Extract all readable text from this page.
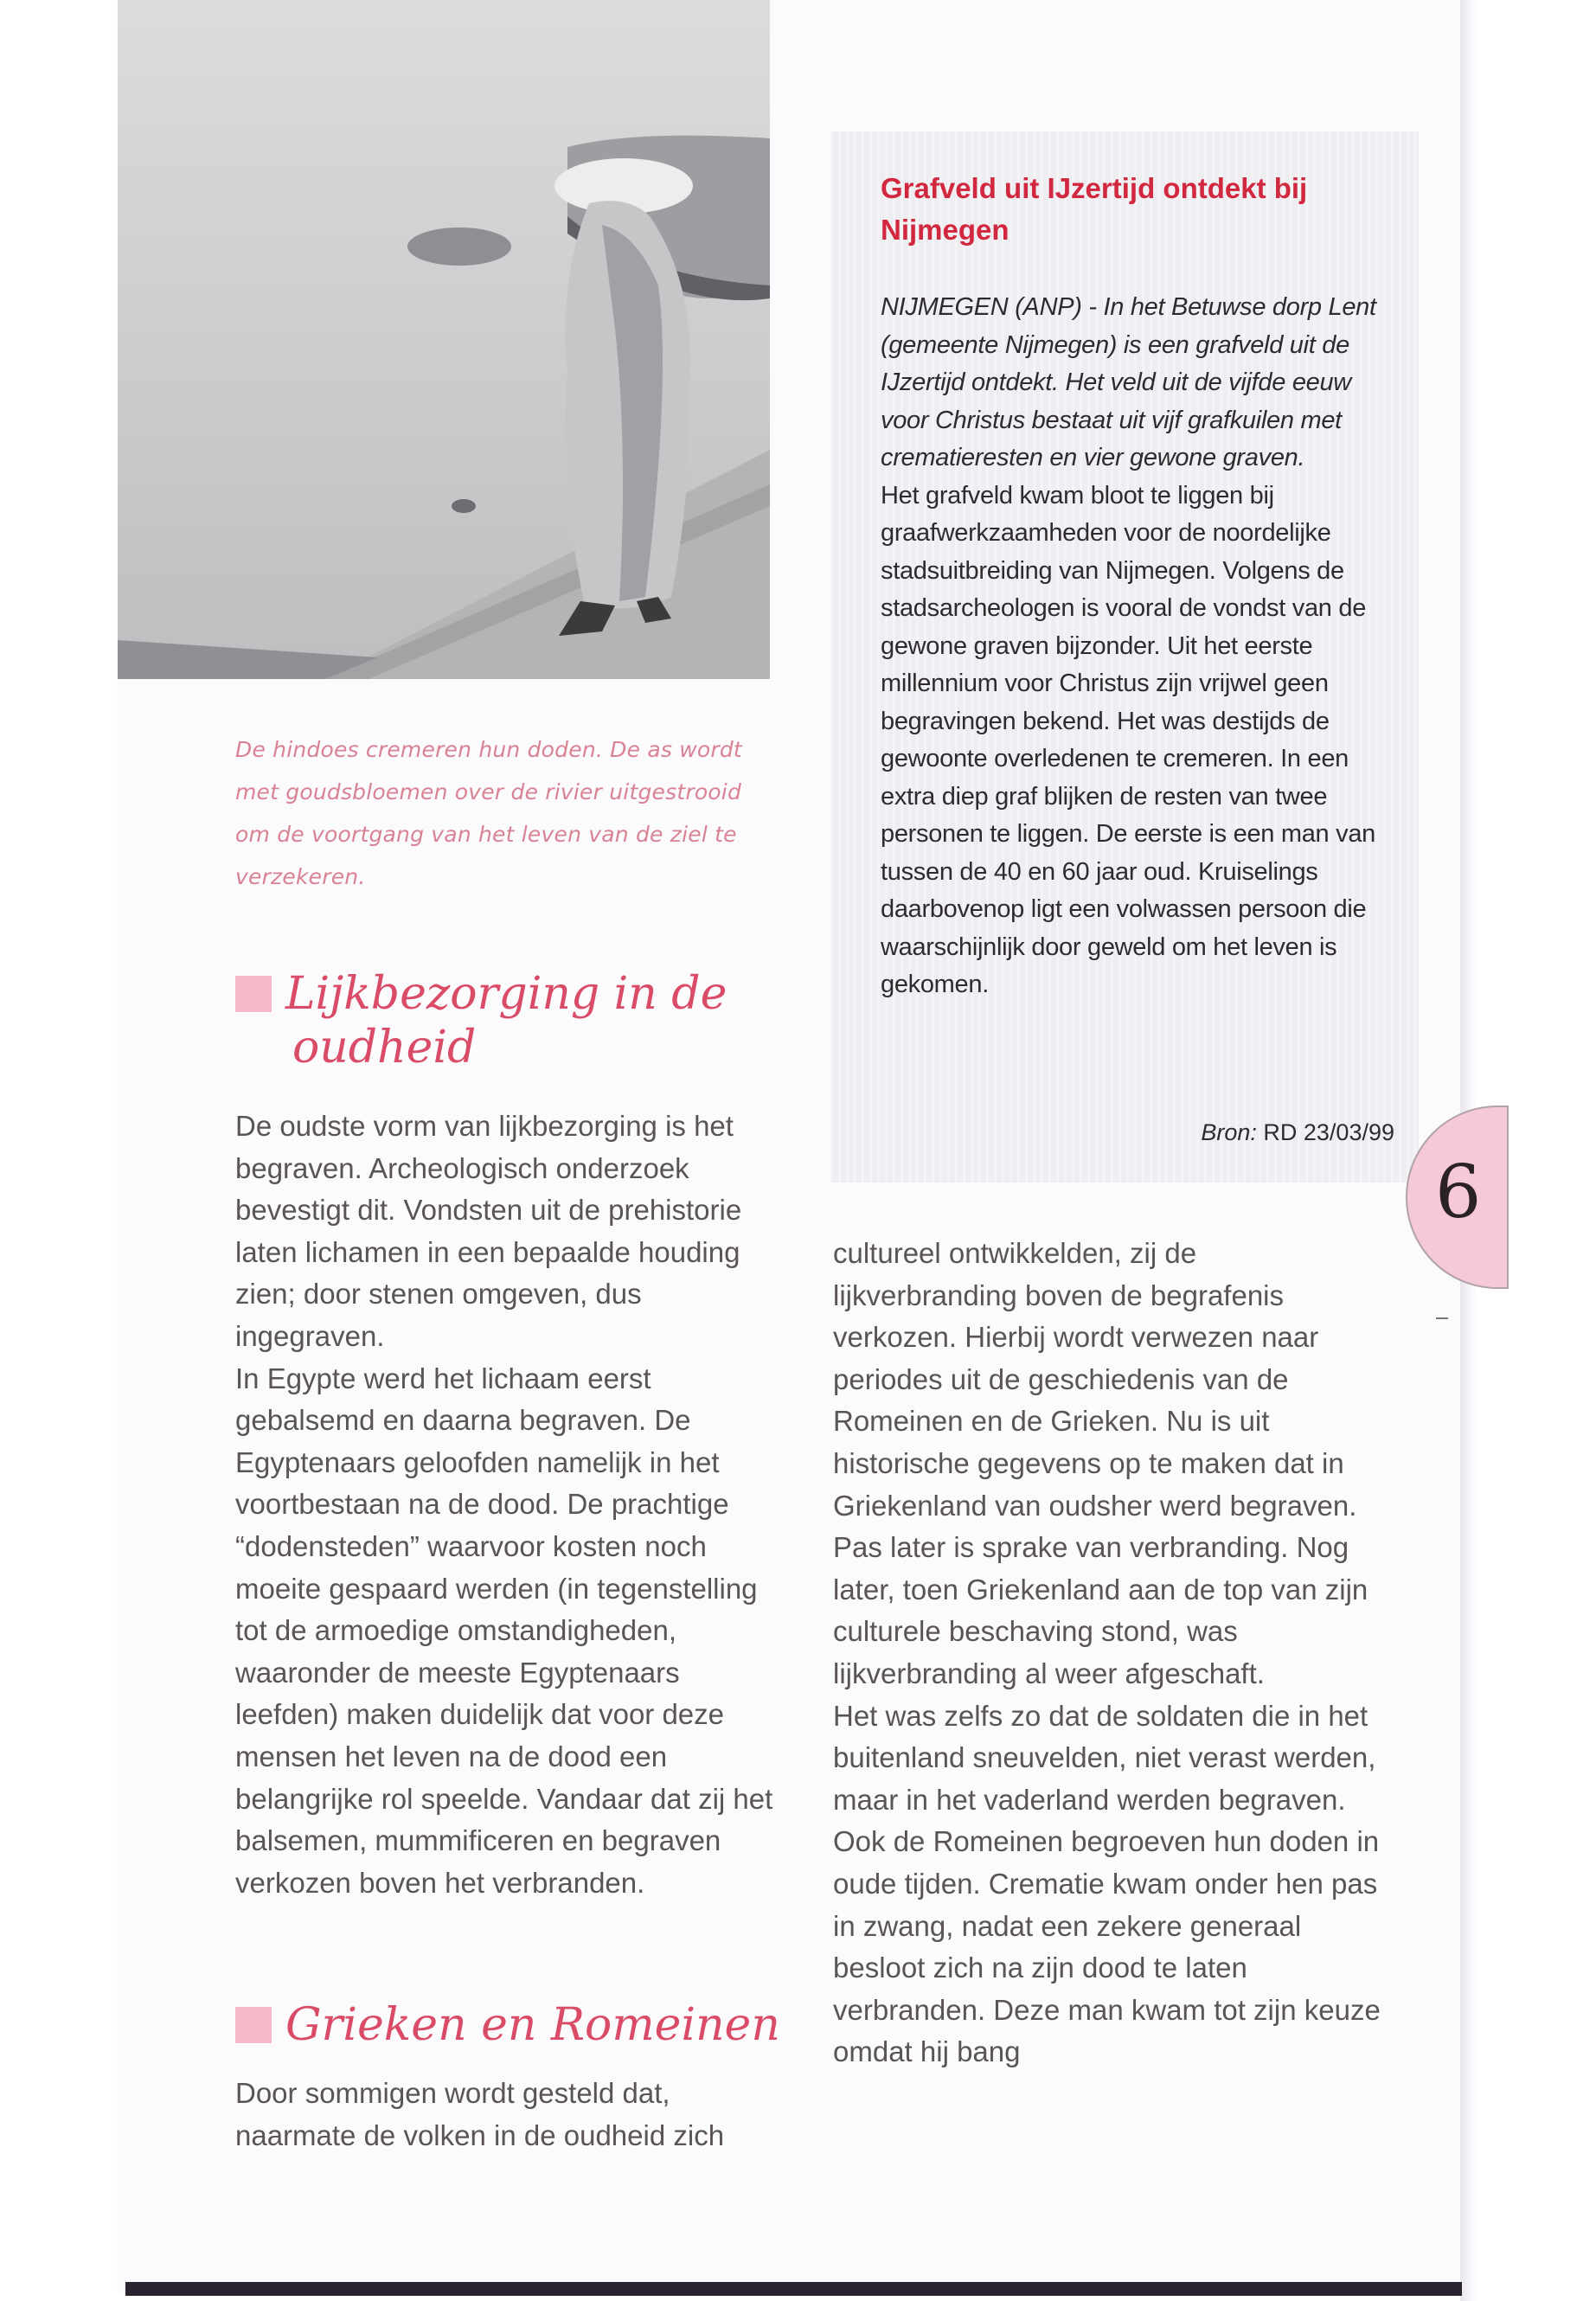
De hindoes cremeren hun doden. De as wordt met goudsbloemen over de rivier uitgestrooid om de voortgang van het leven van de ziel te verzekeren.
Lijkbezorging in de
oudheid

De oudste vorm van lijkbezorging is het begraven. Archeologisch onderzoek bevestigt dit. Vondsten uit de prehistorie laten lichamen in een bepaalde houding zien; door stenen omgeven, dus ingegraven.

In Egypte werd het lichaam eerst gebalsemd en daarna begraven. De Egyptenaars geloofden namelijk in het voortbestaan na de dood. De prachtige “dodensteden” waarvoor kosten noch moeite gespaard werden (in tegenstelling tot de armoedige omstandigheden, waaronder de meeste Egyptenaars leefden) maken duidelijk dat voor deze mensen het leven na de dood een belangrijke rol speelde. Vandaar dat zij het balsemen, mummificeren en begraven verkozen boven het verbranden.

Grieken en Romeinen

Door sommigen wordt gesteld dat, naarmate de volken in de oudheid zich

Grafveld uit IJzertijd ontdekt bij Nijmegen
NIJMEGEN (ANP) - In het Betuwse dorp Lent (gemeente Nijmegen) is een grafveld uit de IJzertijd ontdekt. Het veld uit de vijfde eeuw voor Christus bestaat uit vijf grafkuilen met crematieresten en vier gewone graven.
Het grafveld kwam bloot te liggen bij graafwerkzaamheden voor de noordelijke stadsuitbreiding van Nijmegen. Volgens de stadsarcheologen is vooral de vondst van de gewone graven bijzonder. Uit het eerste millennium voor Christus zijn vrijwel geen begravingen bekend. Het was destijds de gewoonte overledenen te cremeren. In een extra diep graf blijken de resten van twee personen te liggen. De eerste is een man van tussen de 40 en 60 jaar oud. Kruiselings daarbovenop ligt een volwassen persoon die waarschijnlijk door geweld om het leven is gekomen.
Bron: RD 23/03/99

cultureel ontwikkelden, zij de lijkverbranding boven de begrafenis verkozen. Hierbij wordt verwezen naar periodes uit de geschiedenis van de Romeinen en de Grieken. Nu is uit historische gegevens op te maken dat in Griekenland van oudsher werd begraven. Pas later is sprake van verbranding. Nog later, toen Griekenland aan de top van zijn culturele beschaving stond, was lijkverbranding al weer afgeschaft.

Het was zelfs zo dat de soldaten die in het buitenland sneuvelden, niet verast werden, maar in het vaderland werden begraven.

Ook de Romeinen begroeven hun doden in oude tijden. Crematie kwam onder hen pas in zwang, nadat een zekere generaal besloot zich na zijn dood te laten verbranden. Deze man kwam tot zijn keuze omdat hij bang

6
